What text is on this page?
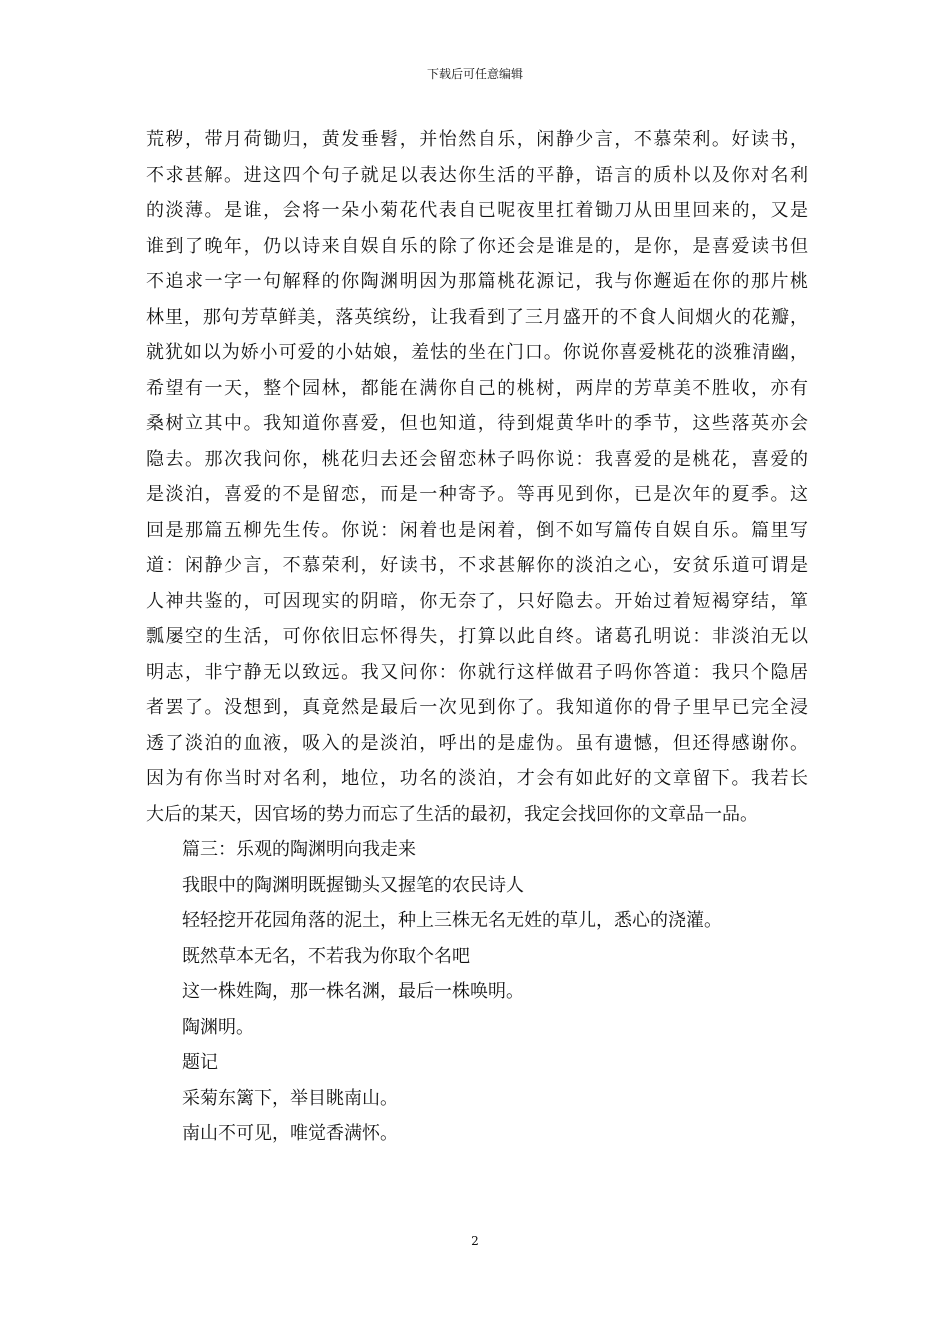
下载后可任意编辑
荒秽，带月荷锄归，黄发垂髫，并怡然自乐，闲静少言，不慕荣利。好读书，
不求甚解。进这四个句子就足以表达你生活的平静，语言的质朴以及你对名利
的淡薄。是谁，会将一朵小菊花代表自已呢夜里扛着锄刀从田里回来的，又是
谁到了晚年，仍以诗来自娱自乐的除了你还会是谁是的，是你，是喜爱读书但
不追求一字一句解释的你陶渊明因为那篇桃花源记，我与你邂逅在你的那片桃
林里，那句芳草鲜美，落英缤纷，让我看到了三月盛开的不食人间烟火的花瓣，
就犹如以为娇小可爱的小姑娘，羞怯的坐在门口。你说你喜爱桃花的淡雅清幽，
希望有一天，整个园林，都能在满你自己的桃树，两岸的芳草美不胜收，亦有
桑树立其中。我知道你喜爱，但也知道，待到焜黄华叶的季节，这些落英亦会
隐去。那次我问你，桃花归去还会留恋林子吗你说：我喜爱的是桃花，喜爱的
是淡泊，喜爱的不是留恋，而是一种寄予。等再见到你，已是次年的夏季。这
回是那篇五柳先生传。你说：闲着也是闲着，倒不如写篇传自娱自乐。篇里写
道：闲静少言，不慕荣利，好读书，不求甚解你的淡泊之心，安贫乐道可谓是
人神共鉴的，可因现实的阴暗，你无奈了，只好隐去。开始过着短褐穿结，箪
瓢屡空的生活，可你依旧忘怀得失，打算以此自终。诸葛孔明说：非淡泊无以
明志，非宁静无以致远。我又问你：你就行这样做君子吗你答道：我只个隐居
者罢了。没想到，真竟然是最后一次见到你了。我知道你的骨子里早已完全浸
透了淡泊的血液，吸入的是淡泊，呼出的是虚伪。虽有遗憾，但还得感谢你。
因为有你当时对名利，地位，功名的淡泊，才会有如此好的文章留下。我若长
大后的某天，因官场的势力而忘了生活的最初，我定会找回你的文章品一品。
篇三：乐观的陶渊明向我走来
我眼中的陶渊明既握锄头又握笔的农民诗人
轻轻挖开花园角落的泥土，种上三株无名无姓的草儿，悉心的浇灌。
既然草本无名，不若我为你取个名吧
这一株姓陶，那一株名渊，最后一株唤明。
陶渊明。
题记
采菊东篱下，举目眺南山。
南山不可见，唯觉香满怀。
2
